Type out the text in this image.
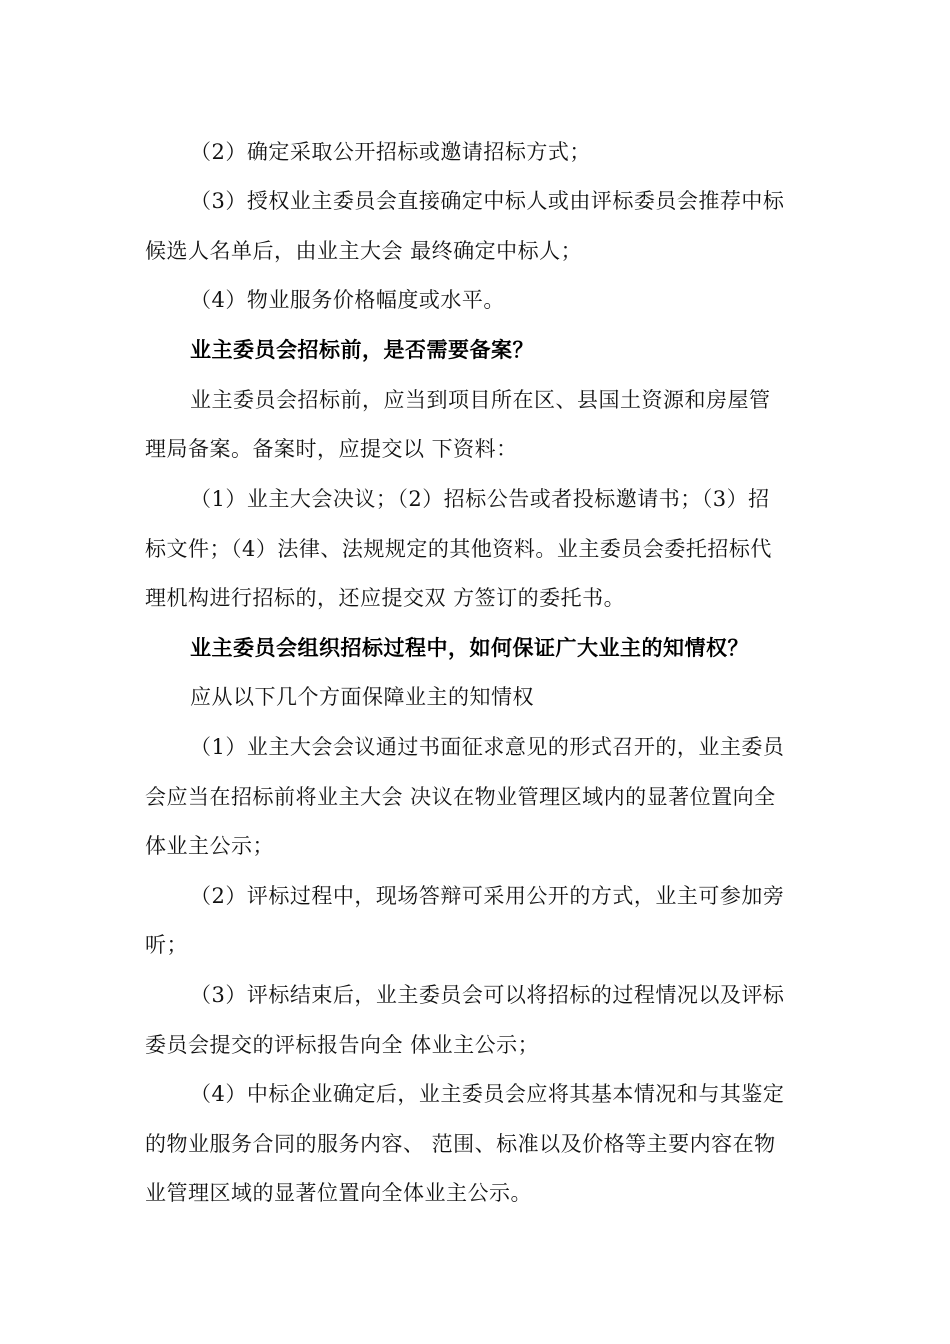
（2）确定采取公开招标或邀请招标方式；
（3）授权业主委员会直接确定中标人或由评标委员会推荐中标
候选人名单后，由业主大会 最终确定中标人；
（4）物业服务价格幅度或水平。
业主委员会招标前，是否需要备案？
业主委员会招标前，应当到项目所在区、县国土资源和房屋管
理局备案。备案时，应提交以 下资料：
（1）业主大会决议；（2）招标公告或者投标邀请书；（3）招
标文件；（4）法律、法规规定的其他资料。业主委员会委托招标代
理机构进行招标的，还应提交双 方签订的委托书。
业主委员会组织招标过程中，如何保证广大业主的知情权？
应从以下几个方面保障业主的知情权
（1）业主大会会议通过书面征求意见的形式召开的，业主委员
会应当在招标前将业主大会 决议在物业管理区域内的显著位置向全
体业主公示；
（2）评标过程中，现场答辩可采用公开的方式，业主可参加旁
听；
（3）评标结束后，业主委员会可以将招标的过程情况以及评标
委员会提交的评标报告向全 体业主公示；
（4）中标企业确定后，业主委员会应将其基本情况和与其鉴定
的物业服务合同的服务内容、 范围、标准以及价格等主要内容在物
业管理区域的显著位置向全体业主公示。
